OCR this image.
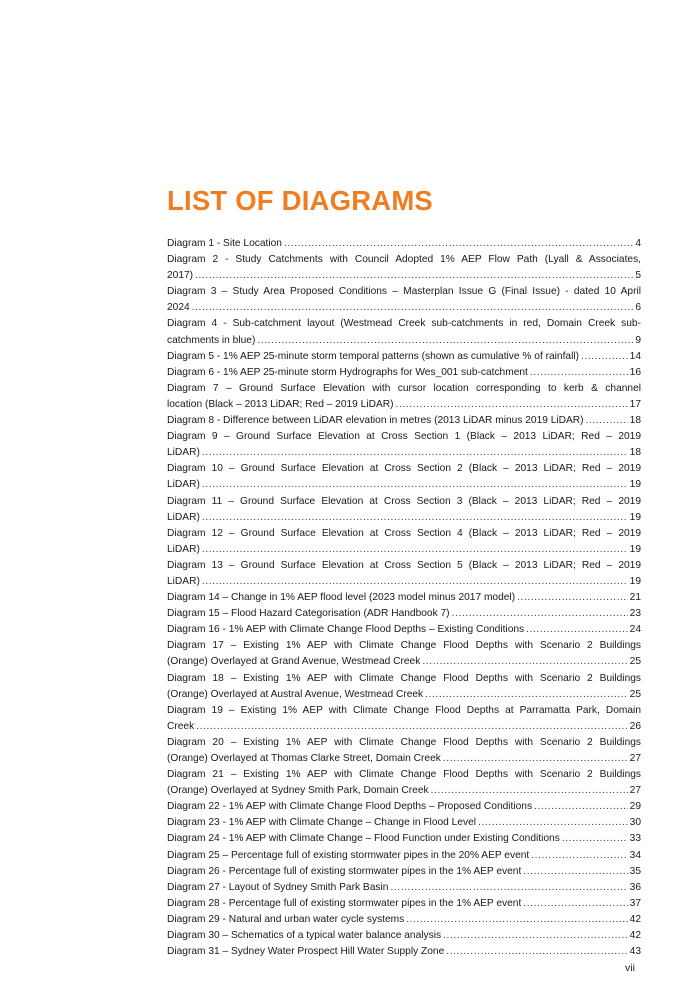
LIST OF DIAGRAMS
Diagram 1 - Site Location .....	4
Diagram 2 - Study Catchments with Council Adopted 1% AEP Flow Path (Lyall & Associates,
2017) .....	5
Diagram 3 – Study Area Proposed Conditions – Masterplan Issue G (Final Issue) - dated 10 April
2024 .....	6
Diagram 4 - Sub-catchment layout (Westmead Creek sub-catchments in red, Domain Creek sub-
catchments in blue) .....	9
Diagram 5 - 1% AEP 25-minute storm temporal patterns (shown as cumulative % of rainfall) .....	14
Diagram 6 - 1% AEP 25-minute storm Hydrographs for Wes_001 sub-catchment .....	16
Diagram 7 – Ground Surface Elevation with cursor location corresponding to kerb & channel
location (Black – 2013 LiDAR; Red – 2019 LiDAR) .....	17
Diagram 8 - Difference between LiDAR elevation in metres (2013 LiDAR minus 2019 LiDAR) .....	18
Diagram 9 – Ground Surface Elevation at Cross Section 1 (Black – 2013 LiDAR; Red – 2019
LiDAR) .....	18
Diagram 10 – Ground Surface Elevation at Cross Section 2 (Black – 2013 LiDAR; Red – 2019
LiDAR) .....	19
Diagram 11 – Ground Surface Elevation at Cross Section 3 (Black – 2013 LiDAR; Red – 2019
LiDAR) .....	19
Diagram 12 – Ground Surface Elevation at Cross Section 4 (Black – 2013 LiDAR; Red – 2019
LiDAR) .....	19
Diagram 13 – Ground Surface Elevation at Cross Section 5 (Black – 2013 LiDAR; Red – 2019
LiDAR) .....	19
Diagram 14 – Change in 1% AEP flood level (2023 model minus 2017 model) .....	21
Diagram 15 – Flood Hazard Categorisation (ADR Handbook 7) .....	23
Diagram 16 - 1% AEP with Climate Change Flood Depths – Existing Conditions .....	24
Diagram 17 – Existing 1% AEP with Climate Change Flood Depths with Scenario 2 Buildings
(Orange) Overlayed at Grand Avenue, Westmead Creek .....	25
Diagram 18 – Existing 1% AEP with Climate Change Flood Depths with Scenario 2 Buildings
(Orange) Overlayed at Austral Avenue, Westmead Creek .....	25
Diagram 19 – Existing 1% AEP with Climate Change Flood Depths at Parramatta Park, Domain
Creek .....	26
Diagram 20 – Existing 1% AEP with Climate Change Flood Depths with Scenario 2 Buildings
(Orange) Overlayed at Thomas Clarke Street, Domain Creek .....	27
Diagram 21 – Existing 1% AEP with Climate Change Flood Depths with Scenario 2 Buildings
(Orange) Overlayed at Sydney Smith Park, Domain Creek .....	27
Diagram 22 - 1% AEP with Climate Change Flood Depths – Proposed Conditions .....	29
Diagram 23 - 1% AEP with Climate Change – Change in Flood Level .....	30
Diagram 24 - 1% AEP with Climate Change – Flood Function under Existing Conditions .....	33
Diagram 25 – Percentage full of existing stormwater pipes in the 20% AEP event .....	34
Diagram 26 - Percentage full of existing stormwater pipes in the 1% AEP event .....	35
Diagram 27 - Layout of Sydney Smith Park Basin .....	36
Diagram 28 - Percentage full of existing stormwater pipes in the 1% AEP event .....	37
Diagram 29 - Natural and urban water cycle systems .....	42
Diagram 30 – Schematics of a typical water balance analysis .....	42
Diagram 31 – Sydney Water Prospect Hill Water Supply Zone .....	43
vii
